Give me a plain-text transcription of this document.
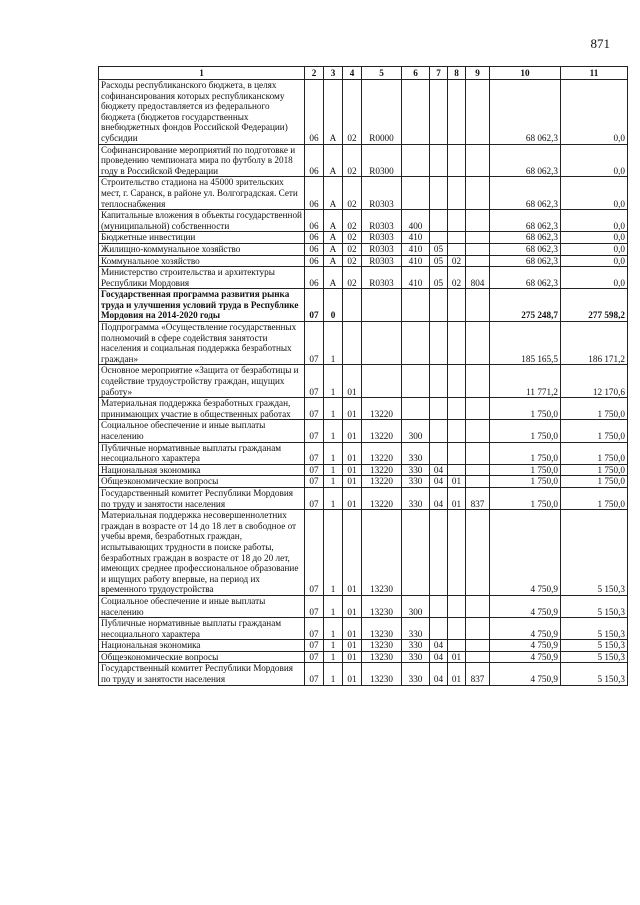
871
1	2	3	4	5	6	7	8	9	10	11
Расходы республиканского бюджета, в целях софинансирования которых республиканскому бюджету предоставляется из федерального бюджета (бюджетов государственных внебюджетных фондов Российской Федерации) субсидии	06	А	02	R0000					68 062,3	0,0
Софинансирование мероприятий по подготовке и проведению чемпионата мира по футболу в 2018 году в Российской Федерации	06	А	02	R0300					68 062,3	0,0
Строительство стадиона на 45000 зрительских мест, г. Саранск, в районе ул. Волгоградская. Сети теплоснабжения	06	А	02	R0303					68 062,3	0,0
Капитальные вложения в объекты государственной (муниципальной) собственности	06	А	02	R0303	400				68 062,3	0,0
Бюджетные инвестиции	06	А	02	R0303	410				68 062,3	0,0
Жилищно-коммунальное хозяйство	06	А	02	R0303	410	05			68 062,3	0,0
Коммунальное хозяйство	06	А	02	R0303	410	05	02		68 062,3	0,0
Министерство строительства и архитектуры Республики Мордовия	06	А	02	R0303	410	05	02	804	68 062,3	0,0
Государственная программа развития рынка труда и улучшения условий труда в Республике Мордовия на 2014-2020 годы	07	0							275 248,7	277 598,2
Подпрограмма «Осуществление государственных полномочий в сфере содействия занятости населения и социальная поддержка безработных граждан»	07	1							185 165,5	186 171,2
Основное мероприятие «Защита от безработицы и содействие трудоустройству граждан, ищущих работу»	07	1	01						11 771,2	12 170,6
Материальная поддержка безработных граждан, принимающих участие в общественных работах	07	1	01	13220					1 750,0	1 750,0
Социальное обеспечение и иные выплаты населению	07	1	01	13220	300				1 750,0	1 750,0
Публичные нормативные выплаты гражданам несоциального характера	07	1	01	13220	330				1 750,0	1 750,0
Национальная экономика	07	1	01	13220	330	04			1 750,0	1 750,0
Общеэкономические вопросы	07	1	01	13220	330	04	01		1 750,0	1 750,0
Государственный комитет Республики Мордовия по труду и занятости населения	07	1	01	13220	330	04	01	837	1 750,0	1 750,0
Материальная поддержка несовершеннолетних граждан в возрасте от 14 до 18 лет в свободное от учебы время, безработных граждан, испытывающих трудности в поиске работы, безработных граждан в возрасте от 18 до 20 лет, имеющих среднее профессиональное образование и ищущих работу впервые, на период их временного трудоустройства	07	1	01	13230					4 750,9	5 150,3
Социальное обеспечение и иные выплаты населению	07	1	01	13230	300				4 750,9	5 150,3
Публичные нормативные выплаты гражданам несоциального характера	07	1	01	13230	330				4 750,9	5 150,3
Национальная экономика	07	1	01	13230	330	04			4 750,9	5 150,3
Общеэкономические вопросы	07	1	01	13230	330	04	01		4 750,9	5 150,3
Государственный комитет Республики Мордовия по труду и занятости населения	07	1	01	13230	330	04	01	837	4 750,9	5 150,3
